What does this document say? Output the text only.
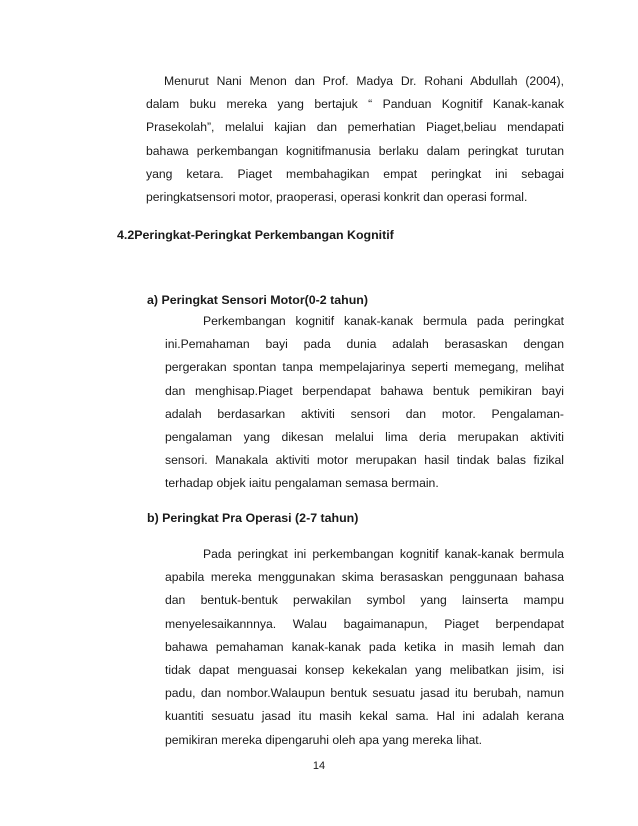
Menurut Nani Menon dan Prof. Madya Dr. Rohani Abdullah (2004),
dalam buku mereka yang bertajuk “ Panduan Kognitif Kanak-kanak
Prasekolah”, melalui kajian dan pemerhatian Piaget,beliau mendapati
bahawa perkembangan kognitifmanusia berlaku dalam peringkat turutan
yang ketara. Piaget membahagikan empat peringkat ini sebagai
peringkatsensori motor, praoperasi, operasi konkrit dan operasi formal.
4.2Peringkat-Peringkat Perkembangan Kognitif
a) Peringkat Sensori Motor(0-2 tahun)
Perkembangan kognitif kanak-kanak bermula pada peringkat
ini.Pemahaman bayi pada dunia adalah berasaskan dengan
pergerakan spontan tanpa mempelajarinya seperti memegang, melihat
dan menghisap.Piaget berpendapat bahawa bentuk pemikiran bayi
adalah berdasarkan aktiviti sensori dan motor. Pengalaman-
pengalaman yang dikesan melalui lima deria merupakan aktiviti
sensori. Manakala aktiviti motor merupakan hasil tindak balas fizikal
terhadap objek iaitu pengalaman semasa bermain.
b) Peringkat Pra Operasi (2-7 tahun)
Pada peringkat ini perkembangan kognitif kanak-kanak bermula
apabila mereka menggunakan skima berasaskan penggunaan bahasa
dan bentuk-bentuk perwakilan symbol yang lainserta mampu
menyelesaikannnya. Walau bagaimanapun, Piaget berpendapat
bahawa pemahaman kanak-kanak pada ketika in masih lemah dan
tidak dapat menguasai konsep kekekalan yang melibatkan jisim, isi
padu, dan nombor.Walaupun bentuk sesuatu jasad itu berubah, namun
kuantiti sesuatu jasad itu masih kekal sama. Hal ini adalah kerana
pemikiran mereka dipengaruhi oleh apa yang mereka lihat.
14
